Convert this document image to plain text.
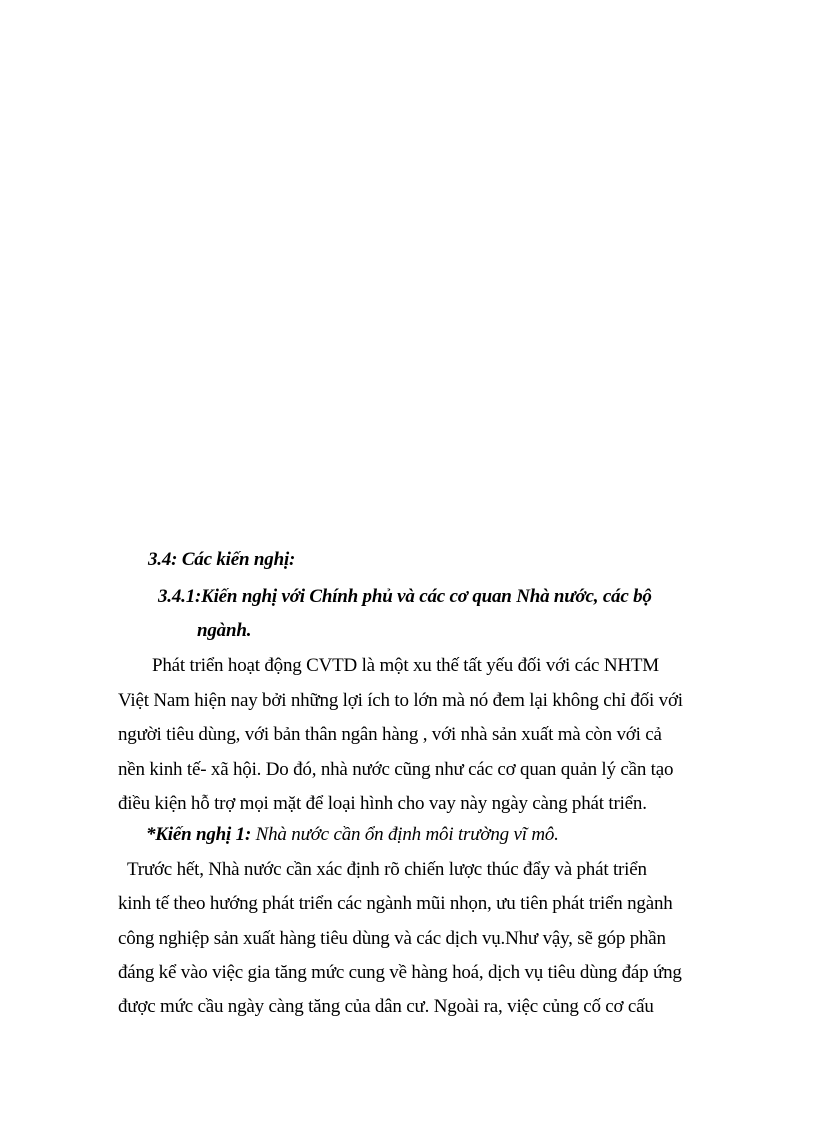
3.4: Các kiến nghị:
3.4.1:Kiến nghị với Chính phủ và các cơ quan Nhà nước, các bộ
ngành.
Phát triển hoạt động CVTD là một xu thế tất yếu đối với các NHTM
Việt Nam hiện nay bởi những lợi ích to lớn mà nó đem lại không chỉ đối với
người tiêu dùng, với bản thân ngân hàng , với nhà sản xuất mà còn với cả
nền kinh tế- xã hội. Do đó, nhà nước cũng như các cơ quan quản lý cần tạo
điều kiện hỗ trợ mọi mặt để loại hình cho vay này ngày càng phát triển.
*Kiến nghị 1: Nhà nước cần ổn định môi trường vĩ mô.
Trước hết, Nhà nước cần xác định rõ chiến lược thúc đẩy và phát triển
kinh tế theo hướng phát triển các ngành mũi nhọn, ưu tiên phát triển ngành
công nghiệp sản xuất hàng tiêu dùng và các dịch vụ.Như vậy, sẽ góp phần
đáng kể vào việc gia tăng mức cung về hàng hoá, dịch vụ tiêu dùng đáp ứng
được mức cầu ngày càng tăng của dân cư. Ngoài ra, việc củng cố cơ cấu
